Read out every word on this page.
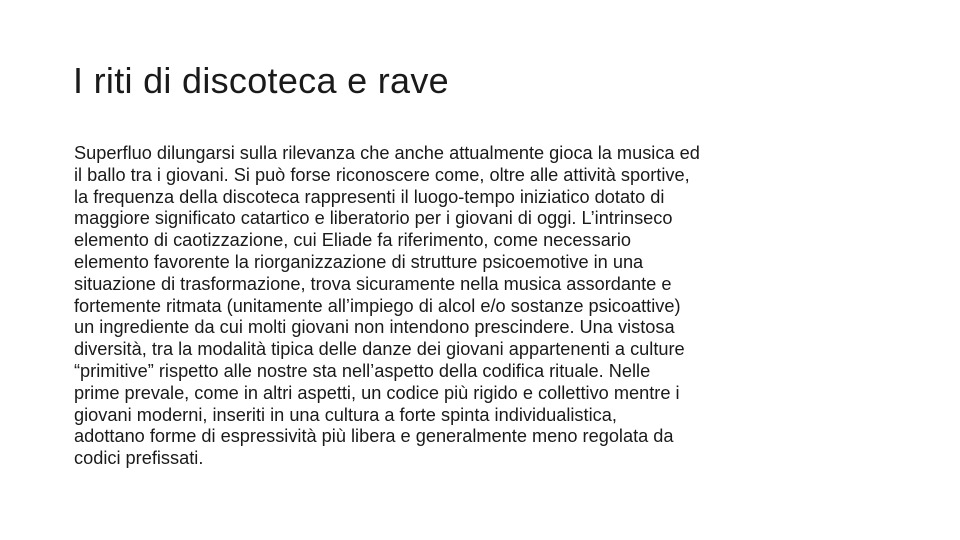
I riti di discoteca e rave
Superfluo dilungarsi sulla rilevanza che anche attualmente gioca la musica ed
il ballo tra i giovani. Si può forse riconoscere come, oltre alle attività sportive,
la frequenza della discoteca rappresenti il luogo-tempo iniziatico dotato di
maggiore significato catartico e liberatorio per i giovani di oggi. L’intrinseco
elemento di caotizzazione, cui Eliade fa riferimento, come necessario
elemento favorente la riorganizzazione di strutture psicoemotive in una
situazione di trasformazione, trova sicuramente nella musica assordante e
fortemente ritmata (unitamente all’impiego di alcol e/o sostanze psicoattive)
un ingrediente da cui molti giovani non intendono prescindere. Una vistosa
diversità, tra la modalità tipica delle danze dei giovani appartenenti a culture
“primitive” rispetto alle nostre sta nell’aspetto della codifica rituale. Nelle
prime prevale, come in altri aspetti, un codice più rigido e collettivo mentre i
giovani moderni, inseriti in una cultura a forte spinta individualistica,
adottano forme di espressività più libera e generalmente meno regolata da
codici prefissati.
